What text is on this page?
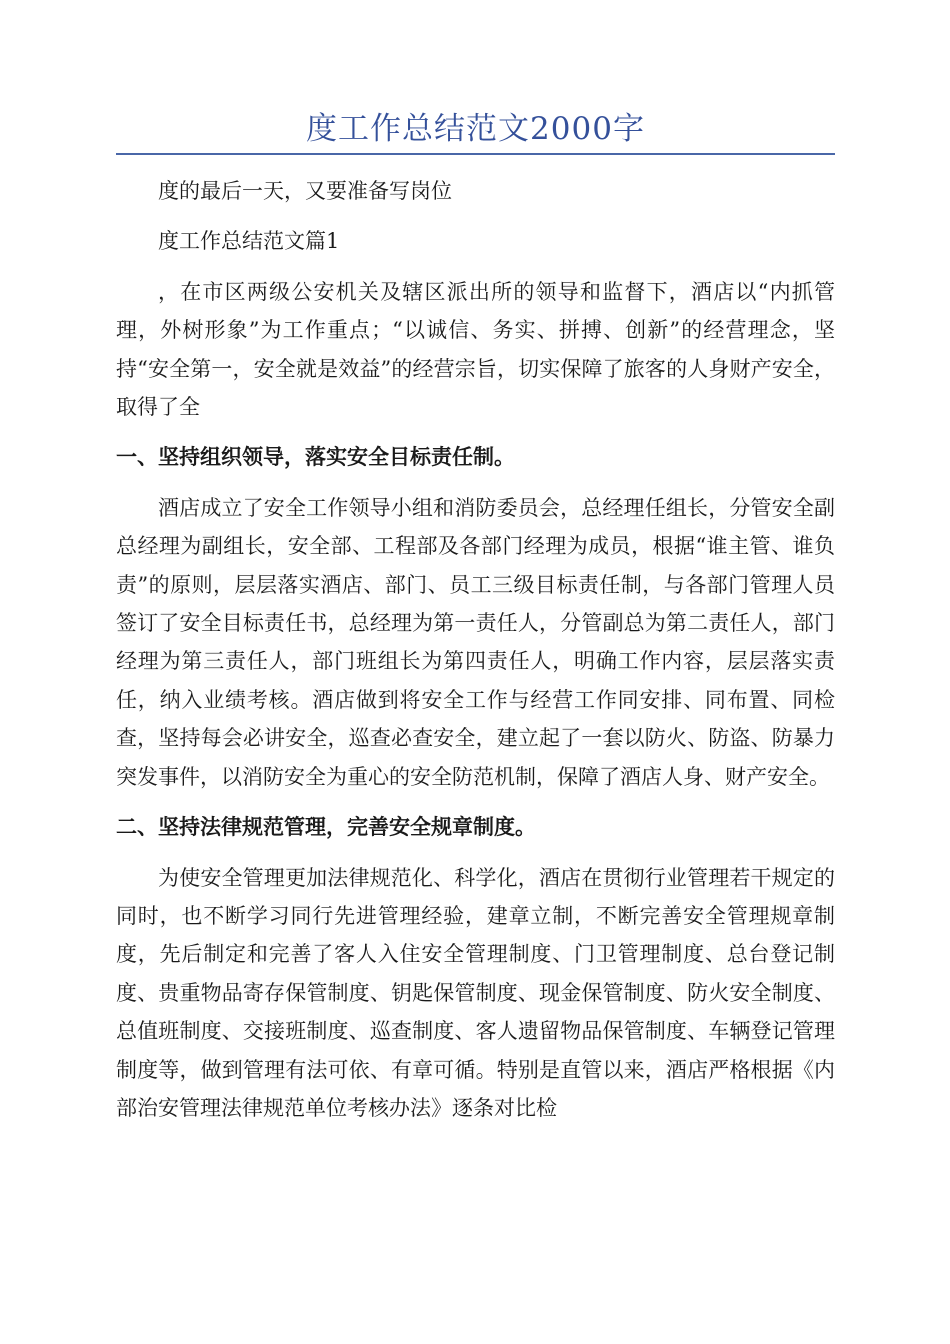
度工作总结范文2000字

度的最后一天，又要准备写岗位

度工作总结范文篇1

，在市区两级公安机关及辖区派出所的领导和监督下，酒店以“内抓管理，外树形象”为工作重点；“以诚信、务实、拼搏、创新”的经营理念，坚持“安全第一，安全就是效益”的经营宗旨，切实保障了旅客的人身财产安全，取得了全

一、坚持组织领导，落实安全目标责任制。

酒店成立了安全工作领导小组和消防委员会，总经理任组长，分管安全副总经理为副组长，安全部、工程部及各部门经理为成员，根据“谁主管、谁负责”的原则，层层落实酒店、部门、员工三级目标责任制，与各部门管理人员签订了安全目标责任书，总经理为第一责任人，分管副总为第二责任人，部门经理为第三责任人，部门班组长为第四责任人，明确工作内容，层层落实责任，纳入业绩考核。酒店做到将安全工作与经营工作同安排、同布置、同检查，坚持每会必讲安全，巡查必查安全，建立起了一套以防火、防盗、防暴力突发事件，以消防安全为重心的安全防范机制，保障了酒店人身、财产安全。

二、坚持法律规范管理，完善安全规章制度。

为使安全管理更加法律规范化、科学化，酒店在贯彻行业管理若干规定的同时，也不断学习同行先进管理经验，建章立制，不断完善安全管理规章制度，先后制定和完善了客人入住安全管理制度、门卫管理制度、总台登记制度、贵重物品寄存保管制度、钥匙保管制度、现金保管制度、防火安全制度、总值班制度、交接班制度、巡查制度、客人遗留物品保管制度、车辆登记管理制度等，做到管理有法可依、有章可循。特别是直管以来，酒店严格根据《内部治安管理法律规范单位考核办法》逐条对比检
